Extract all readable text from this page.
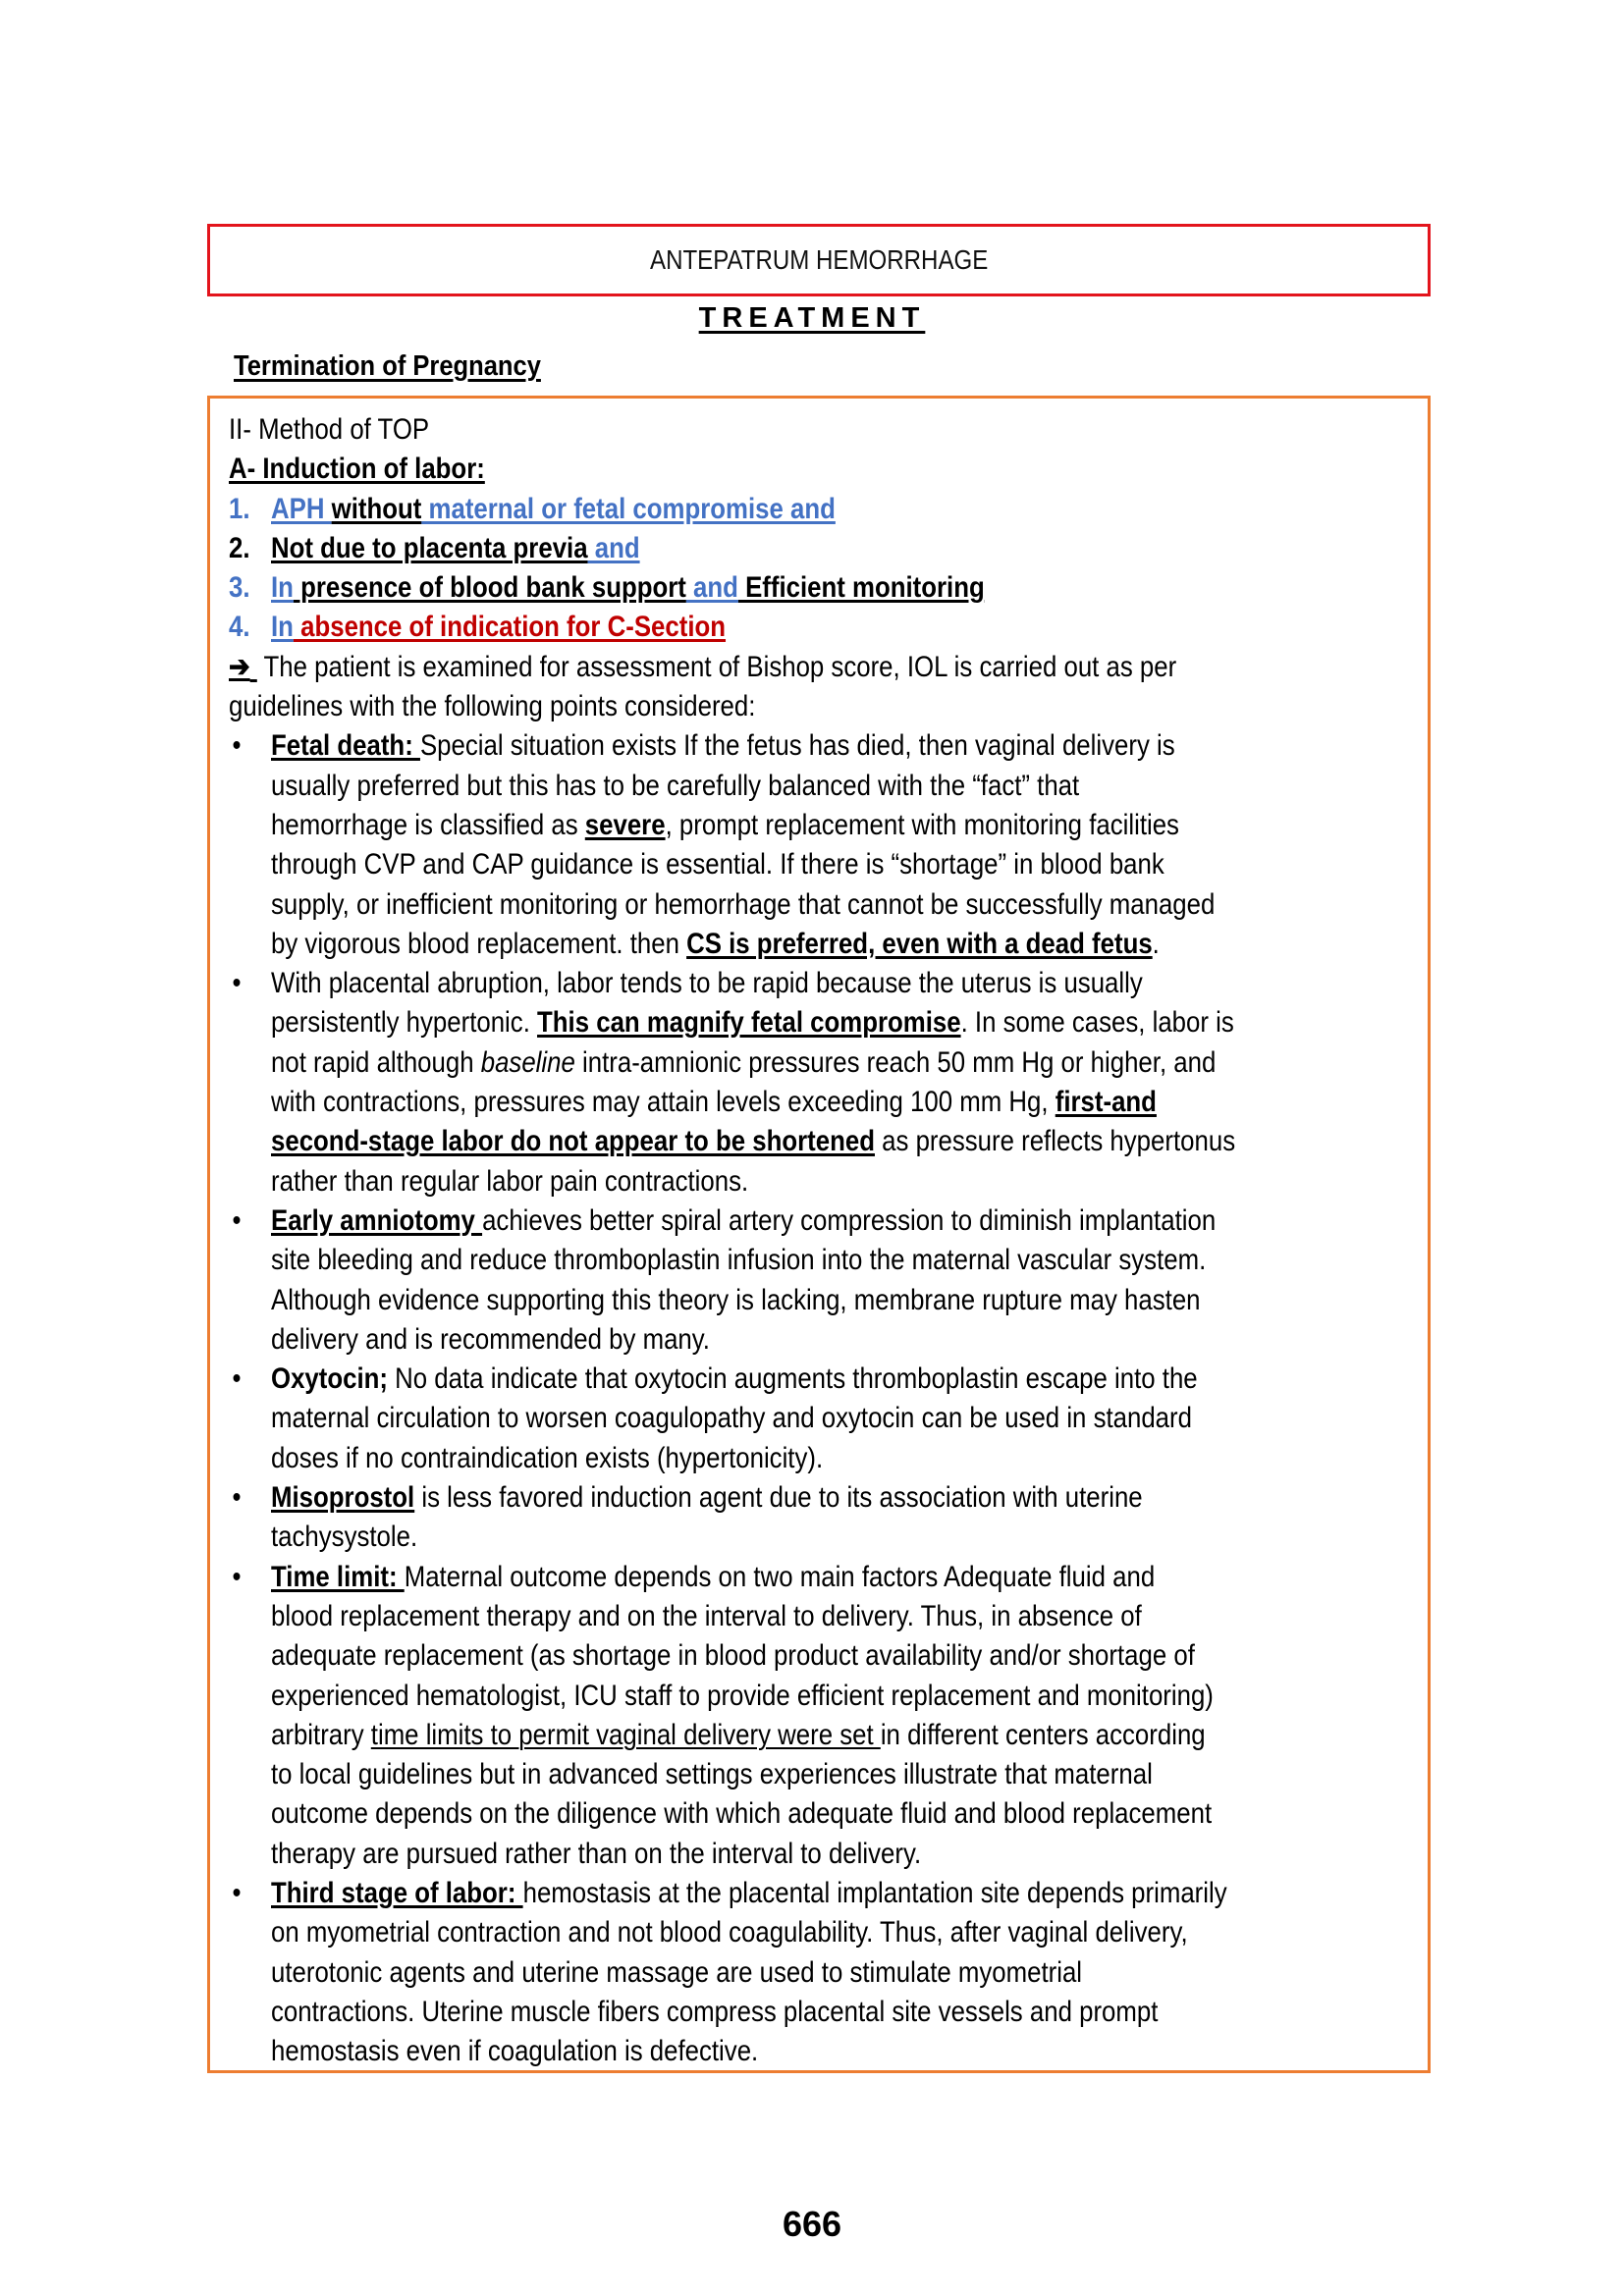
ANTEPATRUM HEMORRHAGE
TREATMENT
Termination of Pregnancy
II- Method of TOP
A- Induction of labor:
1. APH without maternal or fetal compromise and
2. Not due to placenta previa and
3. In presence of blood bank support and Efficient monitoring
4. In absence of indication for C-Section
➔  The patient is examined for assessment of Bishop score, IOL is carried out as per
guidelines with the following points considered:
• Fetal death: Special situation exists If the fetus has died, then vaginal delivery is
usually preferred but this has to be carefully balanced with the “fact” that
hemorrhage is classified as severe, prompt replacement with monitoring facilities
through CVP and CAP guidance is essential. If there is “shortage” in blood bank
supply, or inefficient monitoring or hemorrhage that cannot be successfully managed
by vigorous blood replacement. then CS is preferred, even with a dead fetus.
• With placental abruption, labor tends to be rapid because the uterus is usually
persistently hypertonic. This can magnify fetal compromise. In some cases, labor is
not rapid although baseline intra-amnionic pressures reach 50 mm Hg or higher, and
with contractions, pressures may attain levels exceeding 100 mm Hg, first-and
second-stage labor do not appear to be shortened as pressure reflects hypertonus
rather than regular labor pain contractions.
• Early amniotomy achieves better spiral artery compression to diminish implantation
site bleeding and reduce thromboplastin infusion into the maternal vascular system.
Although evidence supporting this theory is lacking, membrane rupture may hasten
delivery and is recommended by many.
• Oxytocin; No data indicate that oxytocin augments thromboplastin escape into the
maternal circulation to worsen coagulopathy and oxytocin can be used in standard
doses if no contraindication exists (hypertonicity).
• Misoprostol is less favored induction agent due to its association with uterine
tachysystole.
• Time limit: Maternal outcome depends on two main factors Adequate fluid and
blood replacement therapy and on the interval to delivery. Thus, in absence of
adequate replacement (as shortage in blood product availability and/or shortage of
experienced hematologist, ICU staff to provide efficient replacement and monitoring)
arbitrary time limits to permit vaginal delivery were set in different centers according
to local guidelines but in advanced settings experiences illustrate that maternal
outcome depends on the diligence with which adequate fluid and blood replacement
therapy are pursued rather than on the interval to delivery.
• Third stage of labor: hemostasis at the placental implantation site depends primarily
on myometrial contraction and not blood coagulability. Thus, after vaginal delivery,
uterotonic agents and uterine massage are used to stimulate myometrial
contractions. Uterine muscle fibers compress placental site vessels and prompt
hemostasis even if coagulation is defective.
666
